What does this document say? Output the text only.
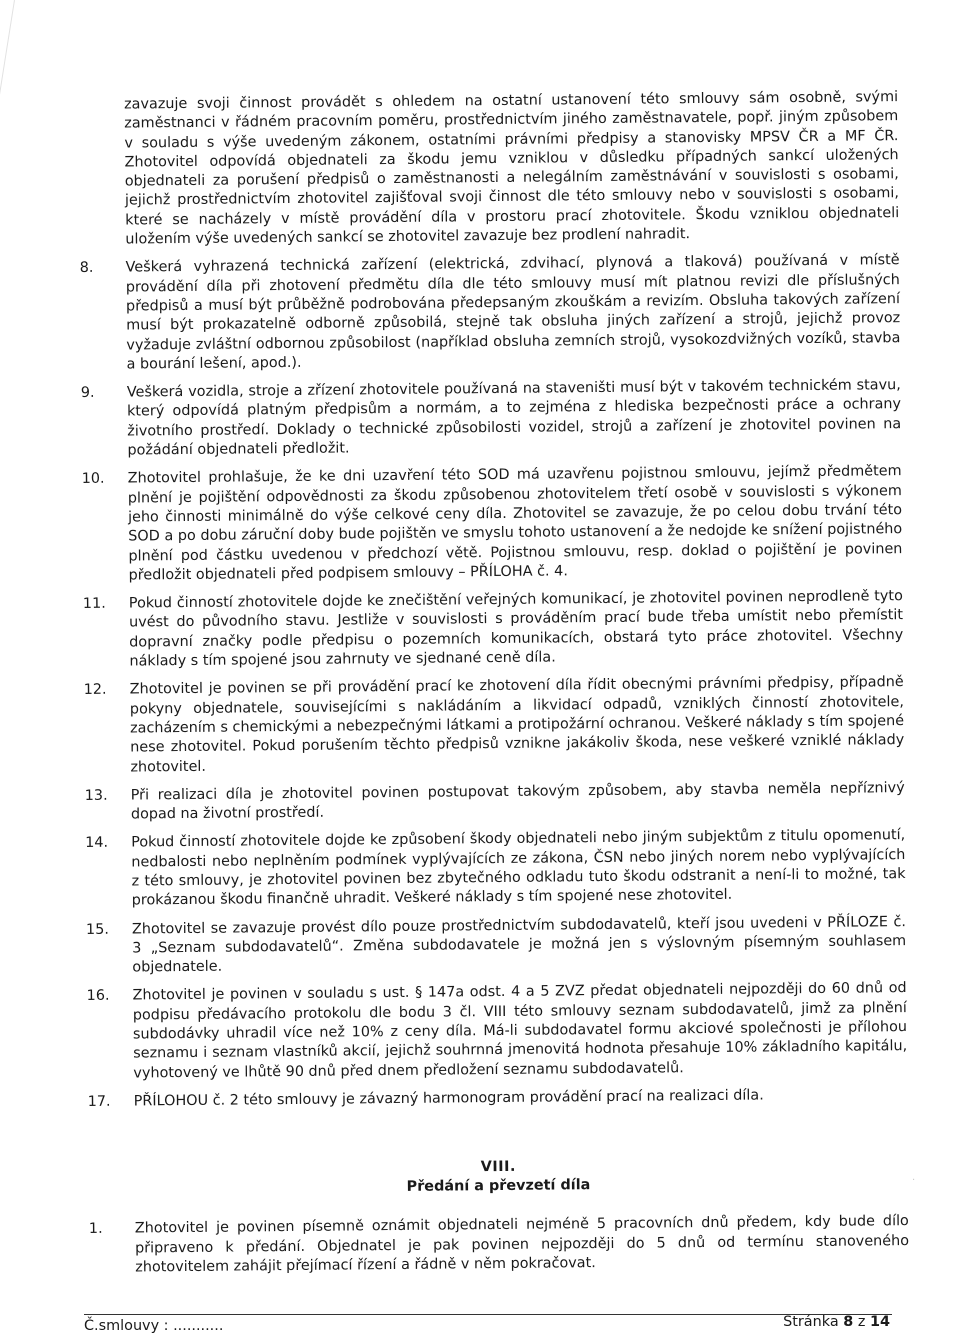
zavazuje svoji činnost provádět s ohledem na ostatní ustanovení této smlouvy sám osobně, svými zaměstnanci v řádném pracovním poměru, prostřednictvím jiného zaměstnavatele, popř. jiným způsobem v souladu s výše uvedeným zákonem, ostatními právními předpisy a stanovisky MPSV ČR a MF ČR. Zhotovitel odpovídá objednateli za škodu jemu vzniklou v důsledku případných sankcí uložených objednateli za porušení předpisů o zaměstnanosti a nelegálním zaměstnávání v souvislosti s osobami, jejichž prostřednictvím zhotovitel zajišťoval svoji činnost dle této smlouvy nebo v souvislosti s osobami, které se nacházely v místě provádění díla v prostoru prací zhotovitele. Škodu vzniklou objednateli uložením výše uvedených sankcí se zhotovitel zavazuje bez prodlení nahradit.
8.	Veškerá vyhrazená technická zařízení (elektrická, zdvihací, plynová a tlaková) používaná v místě provádění díla při zhotovení předmětu díla dle této smlouvy musí mít platnou revizi dle příslušných předpisů a musí být průběžně podrobována předepsaným zkouškám a revizím. Obsluha takových zařízení musí být prokazatelně odborně způsobilá, stejně tak obsluha jiných zařízení a strojů, jejichž provoz vyžaduje zvláštní odbornou způsobilost (například obsluha zemních strojů, vysokozdvižných vozíků, stavba a bourání lešení, apod.).
9.	Veškerá vozidla, stroje a zřízení zhotovitele používaná na staveništi musí být v takovém technickém stavu, který odpovídá platným předpisům a normám, a to zejména z hlediska bezpečnosti práce a ochrany životního prostředí. Doklady o technické způsobilosti vozidel, strojů a zařízení je zhotovitel povinen na požádání objednateli předložit.
10.	Zhotovitel prohlašuje, že ke dni uzavření této SOD má uzavřenu pojistnou smlouvu, jejímž předmětem plnění je pojištění odpovědnosti za škodu způsobenou zhotovitelem třetí osobě v souvislosti s výkonem jeho činnosti minimálně do výše celkové ceny díla. Zhotovitel se zavazuje, že po celou dobu trvání této SOD a po dobu záruční doby bude pojištěn ve smyslu tohoto ustanovení a že nedojde ke snížení pojistného plnění pod částku uvedenou v předchozí větě. Pojistnou smlouvu, resp. doklad o pojištění je povinen předložit objednateli před podpisem smlouvy – PŘÍLOHA č. 4.
11.	Pokud činností zhotovitele dojde ke znečištění veřejných komunikací, je zhotovitel povinen neprodleně tyto uvést do původního stavu. Jestliže v souvislosti s prováděním prací bude třeba umístit nebo přemístit dopravní značky podle předpisu o pozemních komunikacích, obstará tyto práce zhotovitel. Všechny náklady s tím spojené jsou zahrnuty ve sjednané ceně díla.
12.	Zhotovitel je povinen se při provádění prací ke zhotovení díla řídit obecnými právními předpisy, případně pokyny objednatele, souvisejícími s nakládáním a likvidací odpadů, vzniklých činností zhotovitele, zacházením s chemickými a nebezpečnými látkami a protipožární ochranou. Veškeré náklady s tím spojené nese zhotovitel. Pokud porušením těchto předpisů vznikne jakákoliv škoda, nese veškeré vzniklé náklady zhotovitel.
13.	Při realizaci díla je zhotovitel povinen postupovat takovým způsobem, aby stavba neměla nepříznivý dopad na životní prostředí.
14.	Pokud činností zhotovitele dojde ke způsobení škody objednateli nebo jiným subjektům z titulu opomenutí, nedbalosti nebo neplněním podmínek vyplývajících ze zákona, ČSN nebo jiných norem nebo vyplývajících z této smlouvy, je zhotovitel povinen bez zbytečného odkladu tuto škodu odstranit a není-li to možné, tak prokázanou škodu finančně uhradit. Veškeré náklady s tím spojené nese zhotovitel.
15.	Zhotovitel se zavazuje provést dílo pouze prostřednictvím subdodavatelů, kteří jsou uvedeni v PŘÍLOZE č. 3 „Seznam subdodavatelů“. Změna subdodavatele je možná jen s výslovným písemným souhlasem objednatele.
16.	Zhotovitel je povinen v souladu s ust. § 147a odst. 4 a 5 ZVZ předat objednateli nejpozději do 60 dnů od podpisu předávacího protokolu dle bodu 3 čl. VIII této smlouvy seznam subdodavatelů, jimž za plnění subdodávky uhradil více než 10% z ceny díla. Má-li subdodavatel formu akciové společnosti je přílohou seznamu i seznam vlastníků akcií, jejichž souhrnná jmenovitá hodnota přesahuje 10% základního kapitálu, vyhotovený ve lhůtě 90 dnů před dnem předložení seznamu subdodavatelů.
17.	PŘÍLOHOU č. 2 této smlouvy je závazný harmonogram provádění prací na realizaci díla.
VIII.
Předání a převzetí díla
1.	Zhotovitel je povinen písemně oznámit objednateli nejméně 5 pracovních dnů předem, kdy bude dílo připraveno k předání. Objednatel je pak povinen nejpozději do 5 dnů od termínu stanoveného zhotovitelem zahájit přejímací řízení a řádně v něm pokračovat.
·
Č.smlouvy : ...........	Stránka 8 z 14
